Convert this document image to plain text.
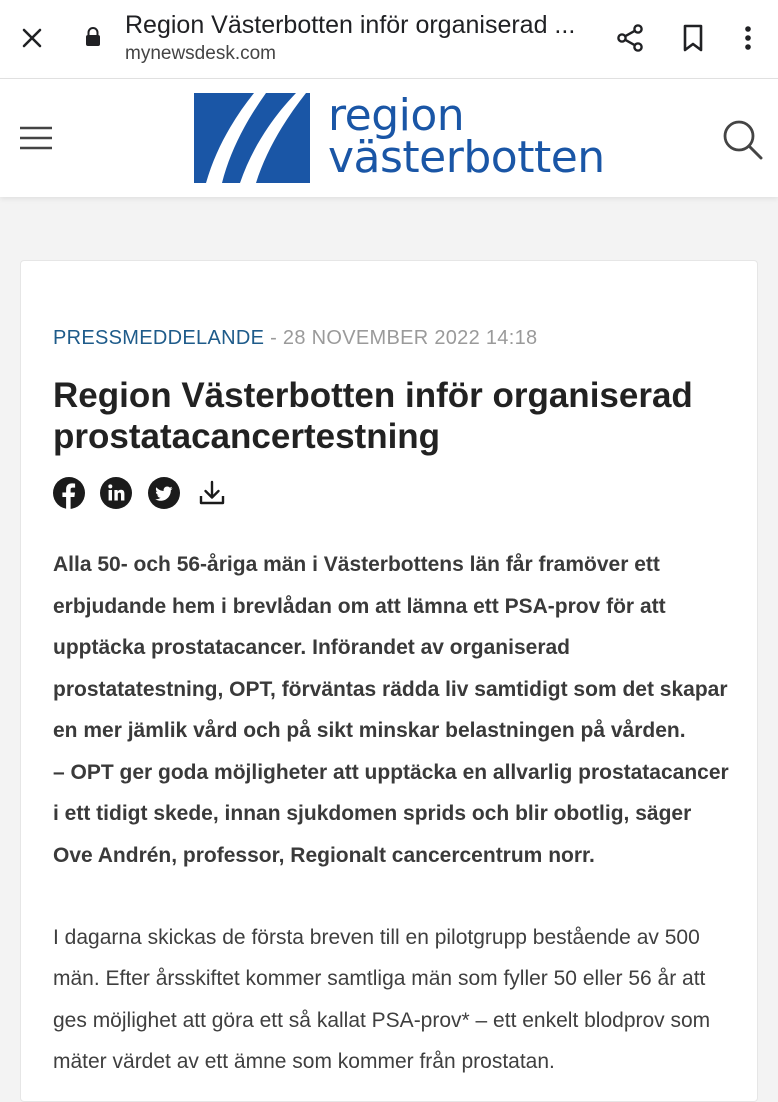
Region Västerbotten inför organiserad ...
mynewsdesk.com
region
västerbotten
PRESSMEDDELANDE - 28 NOVEMBER 2022 14:18
Region Västerbotten inför organiserad prostatacancertestning
Alla 50- och 56-åriga män i Västerbottens län får framöver ett erbjudande hem i brevlådan om att lämna ett PSA-prov för att upptäcka prostatacancer. Införandet av organiserad prostatatestning, OPT, förväntas rädda liv samtidigt som det skapar en mer jämlik vård och på sikt minskar belastningen på vården.
– OPT ger goda möjligheter att upptäcka en allvarlig prostatacancer i ett tidigt skede, innan sjukdomen sprids och blir obotlig, säger Ove Andrén, professor, Regionalt cancercentrum norr.

I dagarna skickas de första breven till en pilotgrupp bestående av 500 män. Efter årsskiftet kommer samtliga män som fyller 50 eller 56 år att ges möjlighet att göra ett så kallat PSA-prov* – ett enkelt blodprov som mäter värdet av ett ämne som kommer från prostatan.
